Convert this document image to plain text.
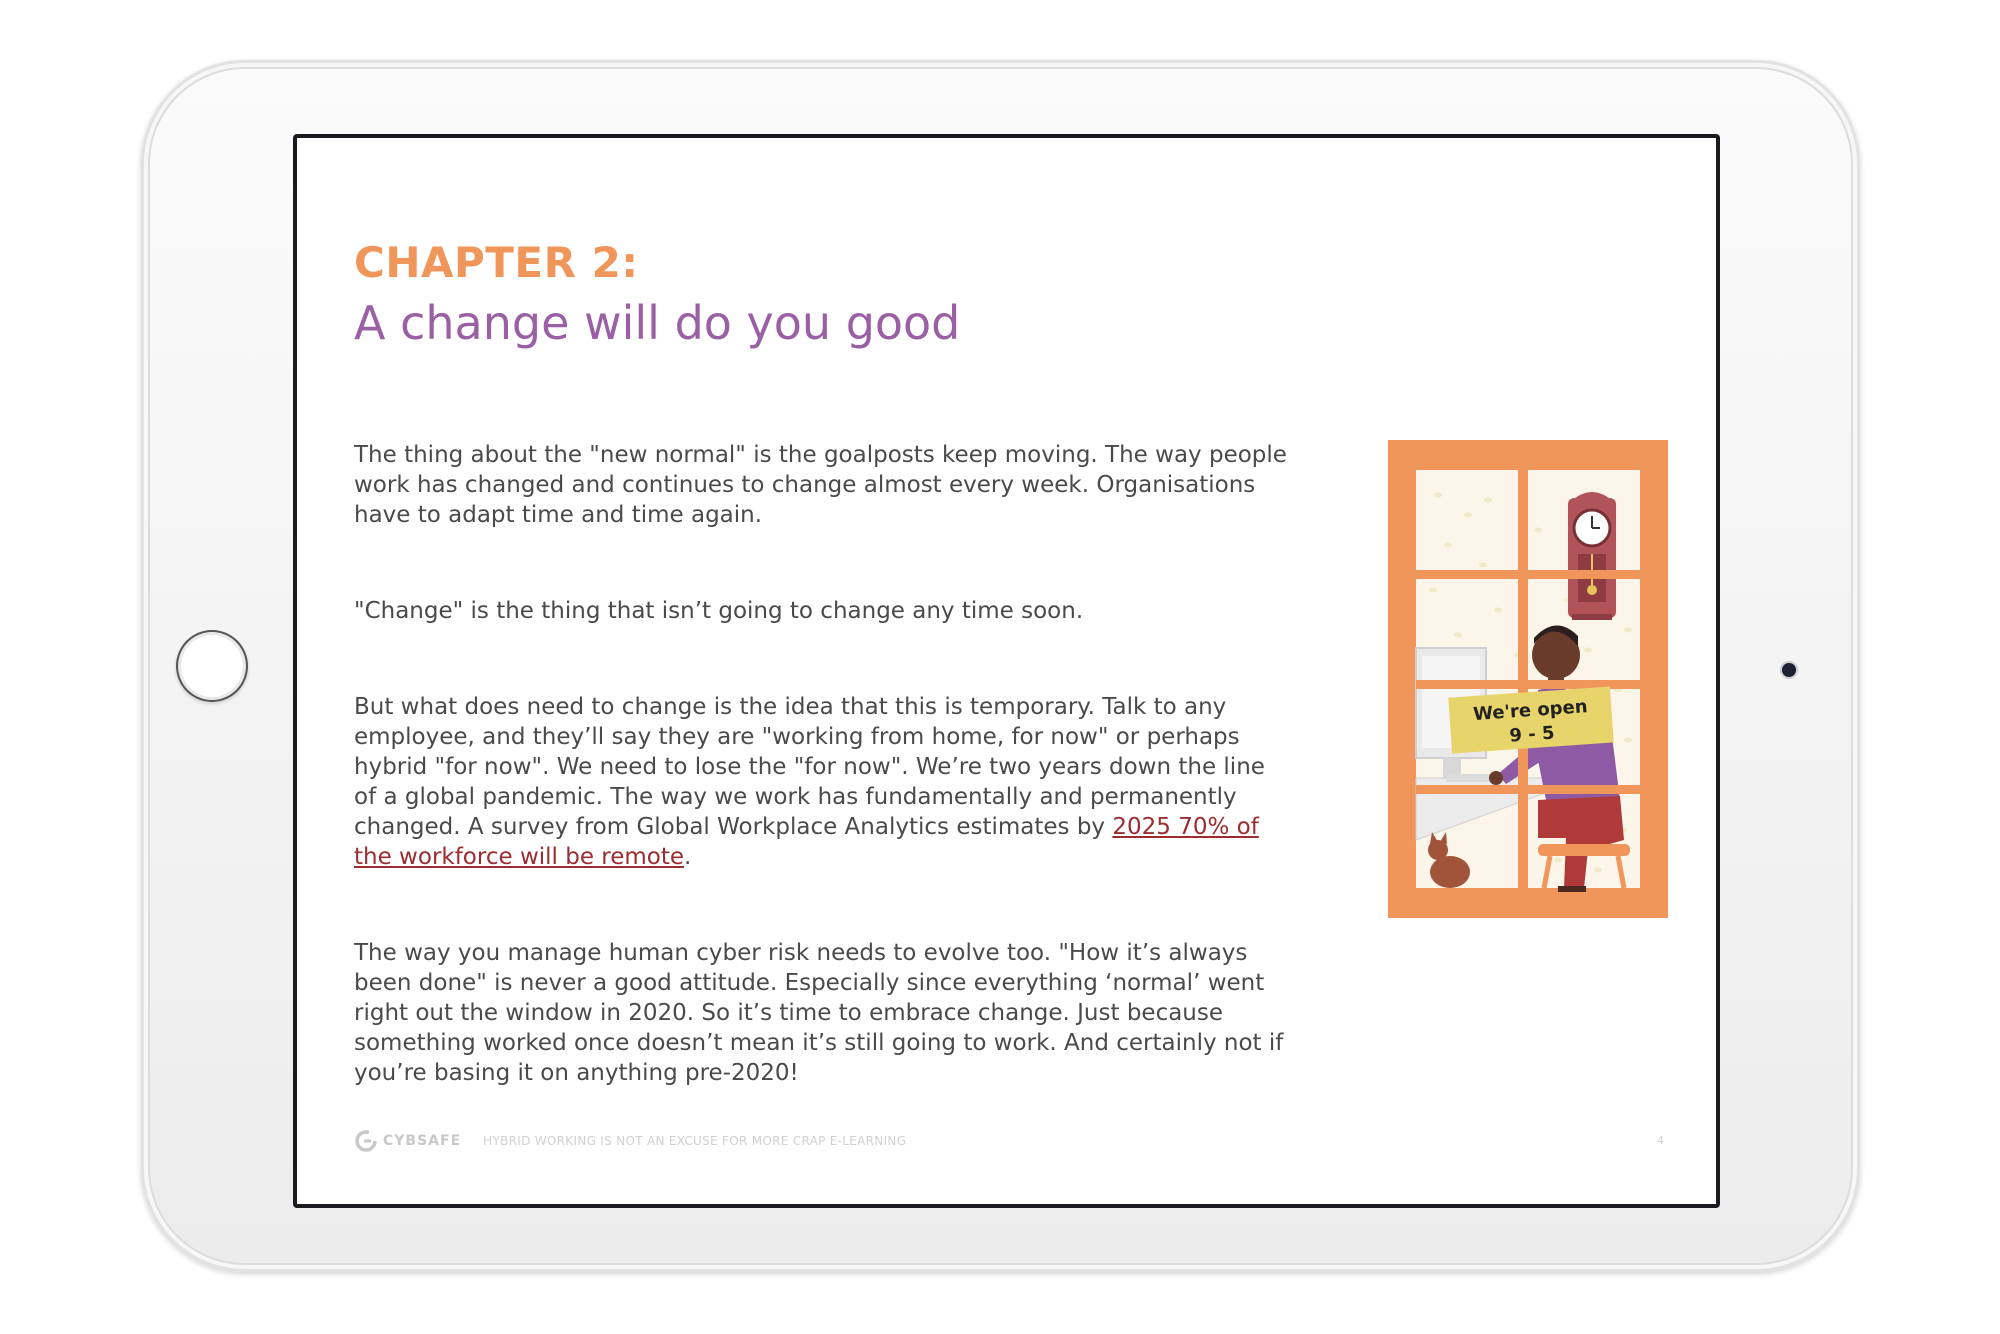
CHAPTER 2:
A change will do you good

The thing about the "new normal" is the goalposts keep moving. The way people work has changed and continues to change almost every week. Organisations have to adapt time and time again.

"Change" is the thing that isn’t going to change any time soon.

But what does need to change is the idea that this is temporary. Talk to any employee, and they’ll say they are "working from home, for now" or perhaps hybrid "for now". We need to lose the "for now". We’re two years down the line of a global pandemic. The way we work has fundamentally and permanently changed. A survey from Global Workplace Analytics estimates by 2025 70% of the workforce will be remote.

The way you manage human cyber risk needs to evolve too. "How it’s always been done" is never a good attitude. Especially since everything ‘normal’ went right out the window in 2020. So it’s time to embrace change. Just because something worked once doesn’t mean it’s still going to work. And certainly not if you’re basing it on anything pre-2020!

We're open
9 - 5
CYBSAFE HYBRID WORKING IS NOT AN EXCUSE FOR MORE CRAP E-LEARNING	4
